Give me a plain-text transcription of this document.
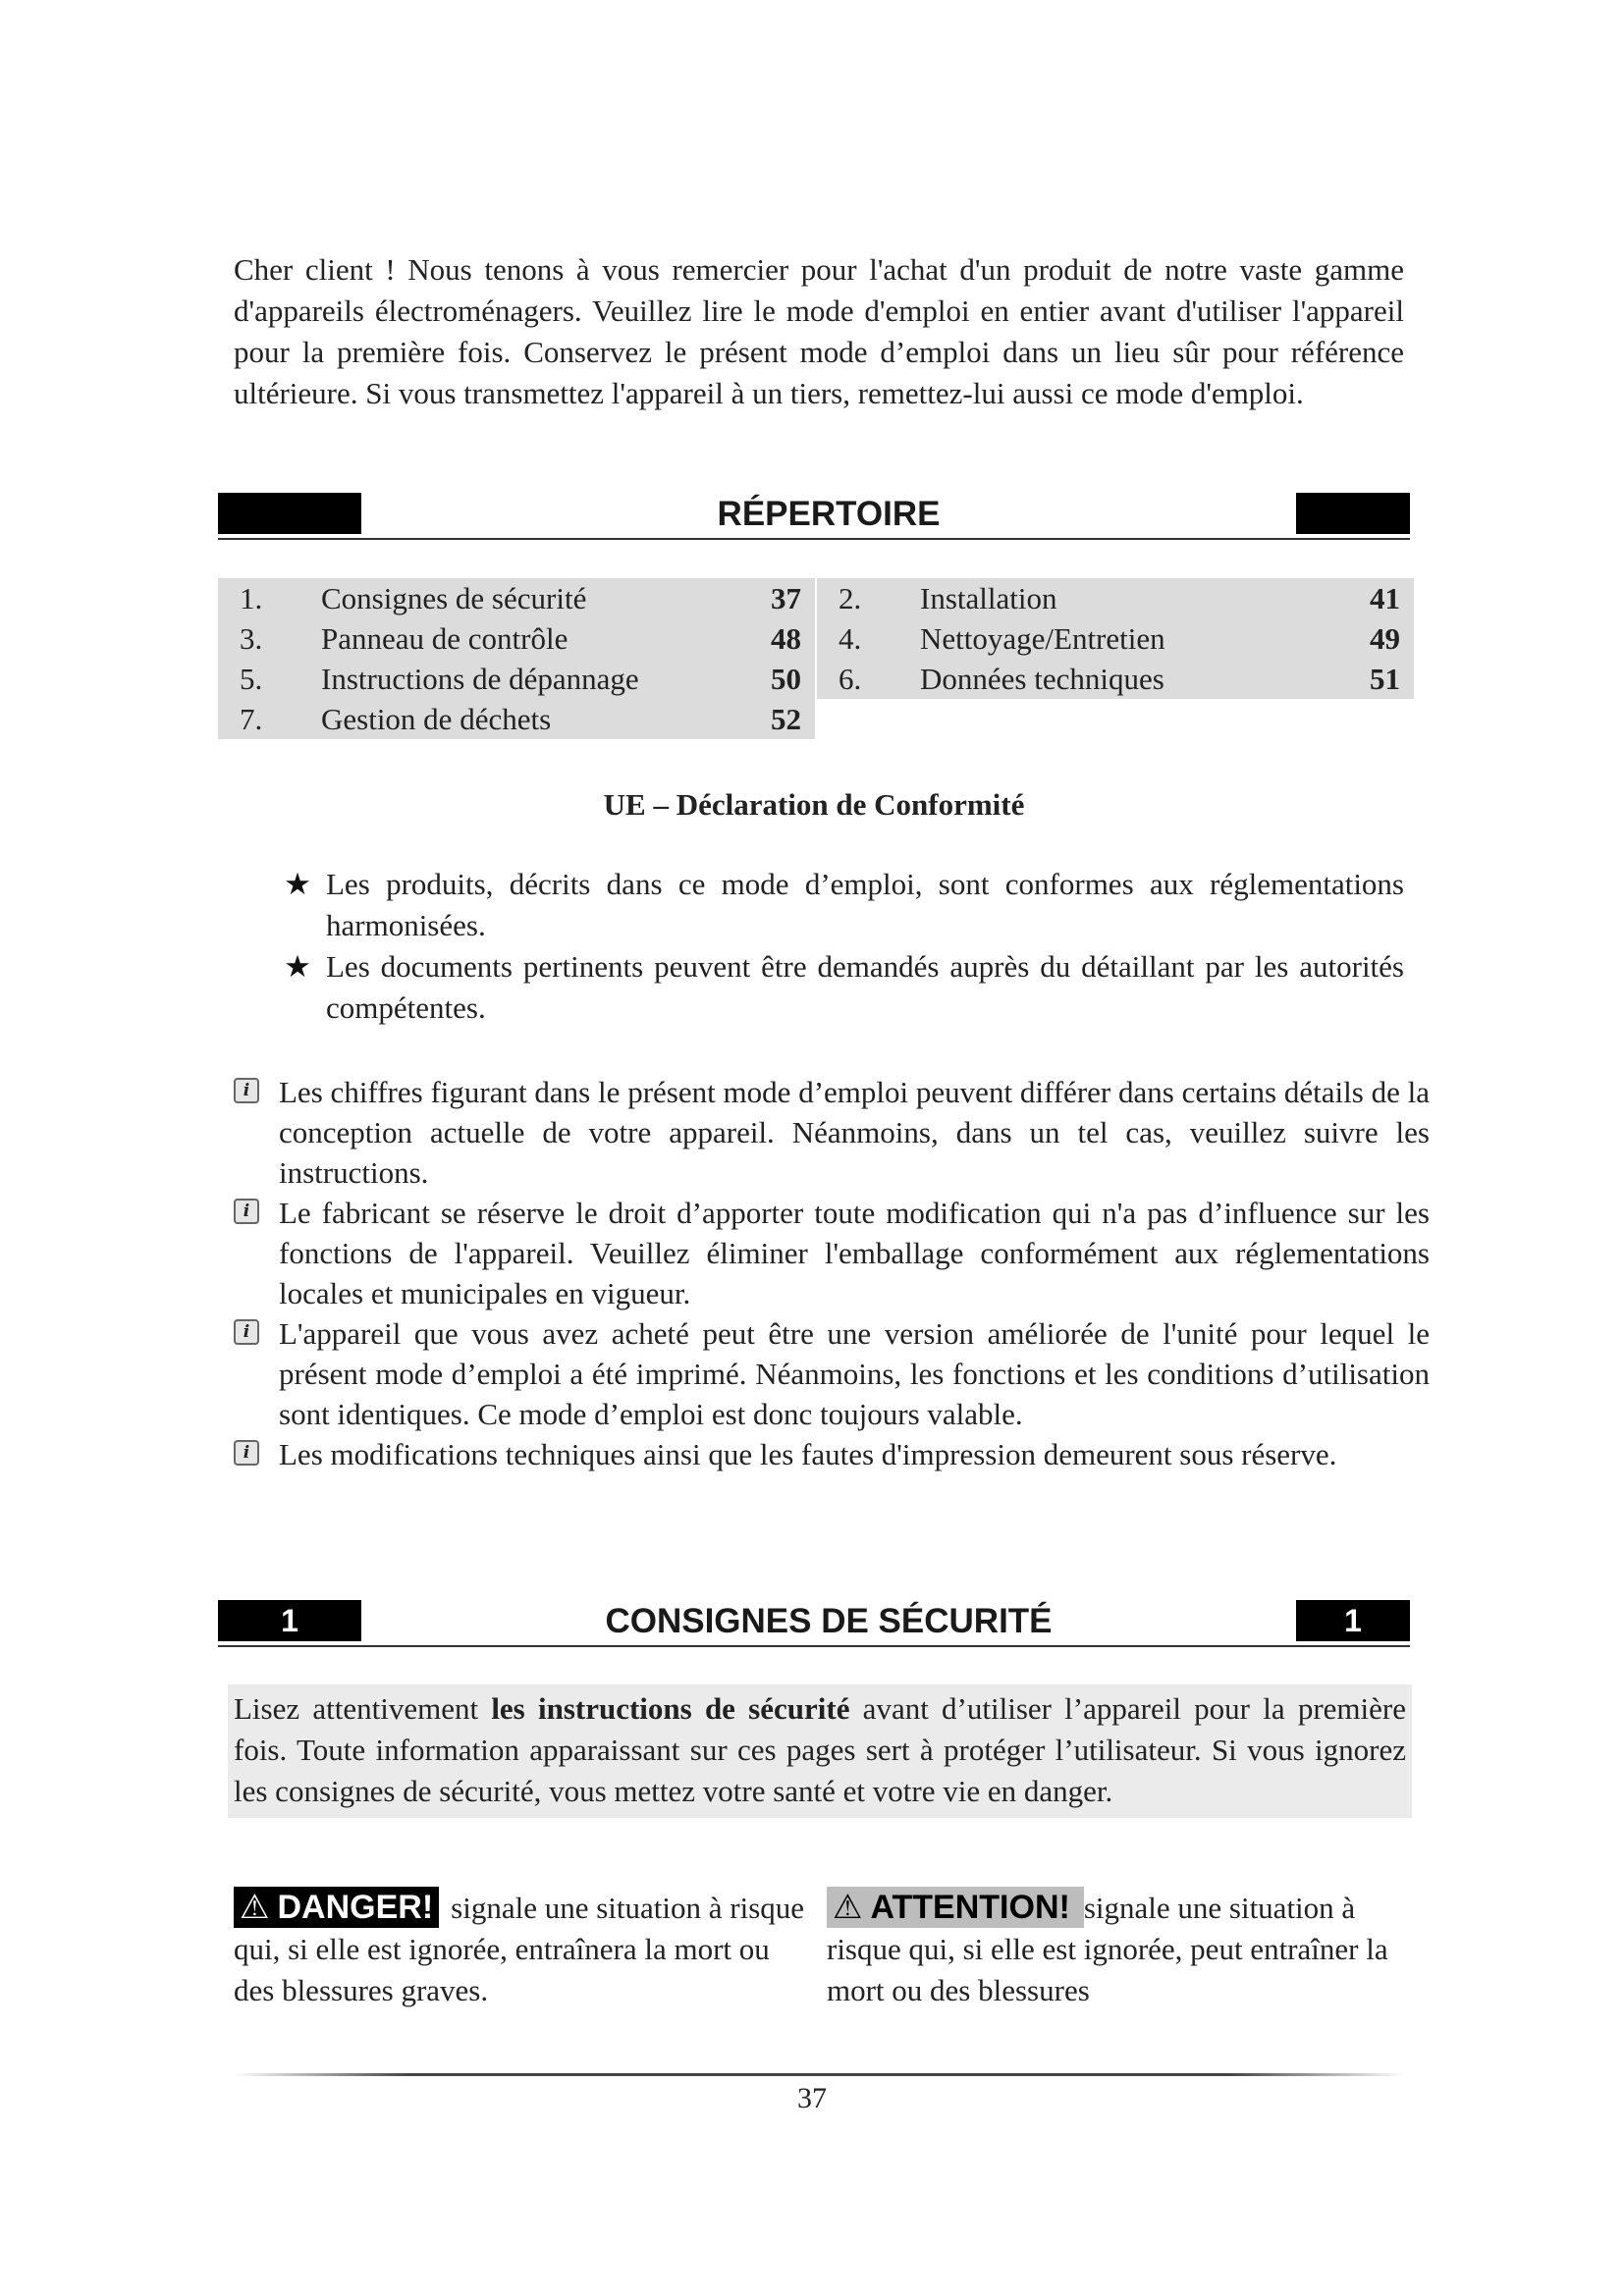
Cher client ! Nous tenons à vous remercier pour l'achat d'un produit de notre vaste gamme d'appareils électroménagers. Veuillez lire le mode d'emploi en entier avant d'utiliser l'appareil pour la première fois. Conservez le présent mode d’emploi dans un lieu sûr pour référence ultérieure. Si vous transmettez l'appareil à un tiers, remettez-lui aussi ce mode d'emploi.

RÉPERTOIRE
1. Consignes de sécurité	37
3. Panneau de contrôle	48
5. Instructions de dépannage	50
7. Gestion de déchets	52
2. Installation	41
4. Nettoyage/Entretien	49
6. Données techniques	51
UE – Déclaration de Conformité
★ Les produits, décrits dans ce mode d’emploi, sont conformes aux réglementations harmonisées.
★ Les documents pertinents peuvent être demandés auprès du détaillant par les autorités compétentes.
i Les chiffres figurant dans le présent mode d’emploi peuvent différer dans certains détails de la conception actuelle de votre appareil. Néanmoins, dans un tel cas, veuillez suivre les instructions.
i Le fabricant se réserve le droit d’apporter toute modification qui n'a pas d’influence sur les fonctions de l'appareil. Veuillez éliminer l'emballage conformément aux réglementations locales et municipales en vigueur.
i L'appareil que vous avez acheté peut être une version améliorée de l'unité pour lequel le présent mode d’emploi a été imprimé. Néanmoins, les fonctions et les conditions d’utilisation sont identiques. Ce mode d’emploi est donc toujours valable.
i Les modifications techniques ainsi que les fautes d'impression demeurent sous réserve.
1	CONSIGNES DE SÉCURITÉ	1
Lisez attentivement les instructions de sécurité avant d’utiliser l’appareil pour la première fois. Toute information apparaissant sur ces pages sert à protéger l’utilisateur. Si vous ignorez les consignes de sécurité, vous mettez votre santé et votre vie en danger.
⚠ DANGER! signale une situation à risque qui, si elle est ignorée, entraînera la mort ou des blessures graves.
⚠ ATTENTION! signale une situation à risque qui, si elle est ignorée, peut entraîner la mort ou des blessures
37
